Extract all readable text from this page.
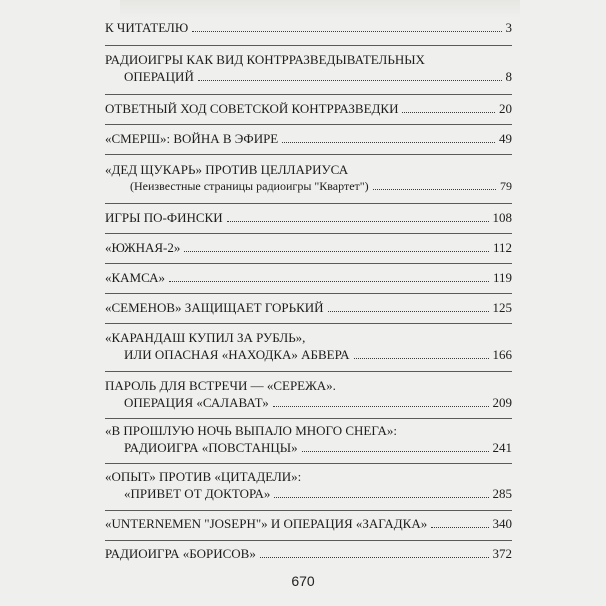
К ЧИТАТЕЛЮ	3
РАДИОИГРЫ КАК ВИД КОНТРРАЗВЕДЫВАТЕЛЬНЫХ
ОПЕРАЦИЙ	8
ОТВЕТНЫЙ ХОД СОВЕТСКОЙ КОНТРРАЗВЕДКИ	20
«СМЕРШ»: ВОЙНА В ЭФИРЕ	49
«ДЕД ЩУКАРЬ» ПРОТИВ ЦЕЛЛАРИУСА
(Неизвестные страницы радиоигры "Квартет")	79
ИГРЫ ПО-ФИНСКИ	108
«ЮЖНАЯ-2»	112
«КАМСА»	119
«СЕМЕНОВ» ЗАЩИЩАЕТ ГОРЬКИЙ	125
«КАРАНДАШ КУПИЛ ЗА РУБЛЬ»,
ИЛИ ОПАСНАЯ «НАХОДКА» АБВЕРА	166
ПАРОЛЬ ДЛЯ ВСТРЕЧИ — «СЕРЕЖА».
ОПЕРАЦИЯ «САЛАВАТ»	209
«В ПРОШЛУЮ НОЧЬ ВЫПАЛО МНОГО СНЕГА»:
РАДИОИГРА «ПОВСТАНЦЫ»	241
«ОПЫТ» ПРОТИВ «ЦИТАДЕЛИ»:
«ПРИВЕТ ОТ ДОКТОРА»	285
«UNTERNEMEN "JOSEPH"» И ОПЕРАЦИЯ «ЗАГАДКА»	340
РАДИОИГРА «БОРИСОВ»	372
670
